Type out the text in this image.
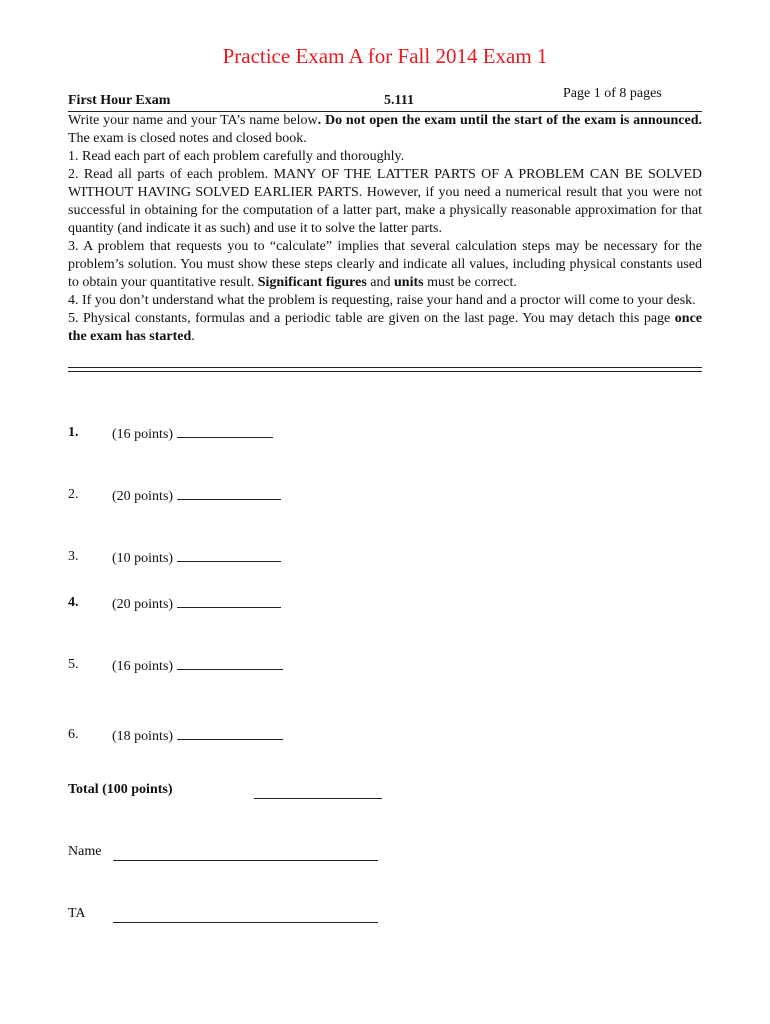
Practice Exam A for Fall 2014 Exam 1
Page 1 of 8 pages
First Hour Exam	5.111

Write your name and your TA’s name below. Do not open the exam until the start of the exam is announced. The exam is closed notes and closed book.

1. Read each part of each problem carefully and thoroughly.

2. Read all parts of each problem. MANY OF THE LATTER PARTS OF A PROBLEM CAN BE SOLVED WITHOUT HAVING SOLVED EARLIER PARTS. However, if you need a numerical result that you were not successful in obtaining for the computation of a latter part, make a physically reasonable approximation for that quantity (and indicate it as such) and use it to solve the latter parts.

3. A problem that requests you to “calculate” implies that several calculation steps may be necessary for the problem’s solution. You must show these steps clearly and indicate all values, including physical constants used to obtain your quantitative result. Significant figures and units must be correct.

4. If you don’t understand what the problem is requesting, raise your hand and a proctor will come to your desk.

5. Physical constants, formulas and a periodic table are given on the last page. You may detach this page once the exam has started.

1. (16 points)
2. (20 points)
3. (10 points)
4. (20 points)
5. (16 points)
6. (18 points)
Total (100 points)
Name
TA
